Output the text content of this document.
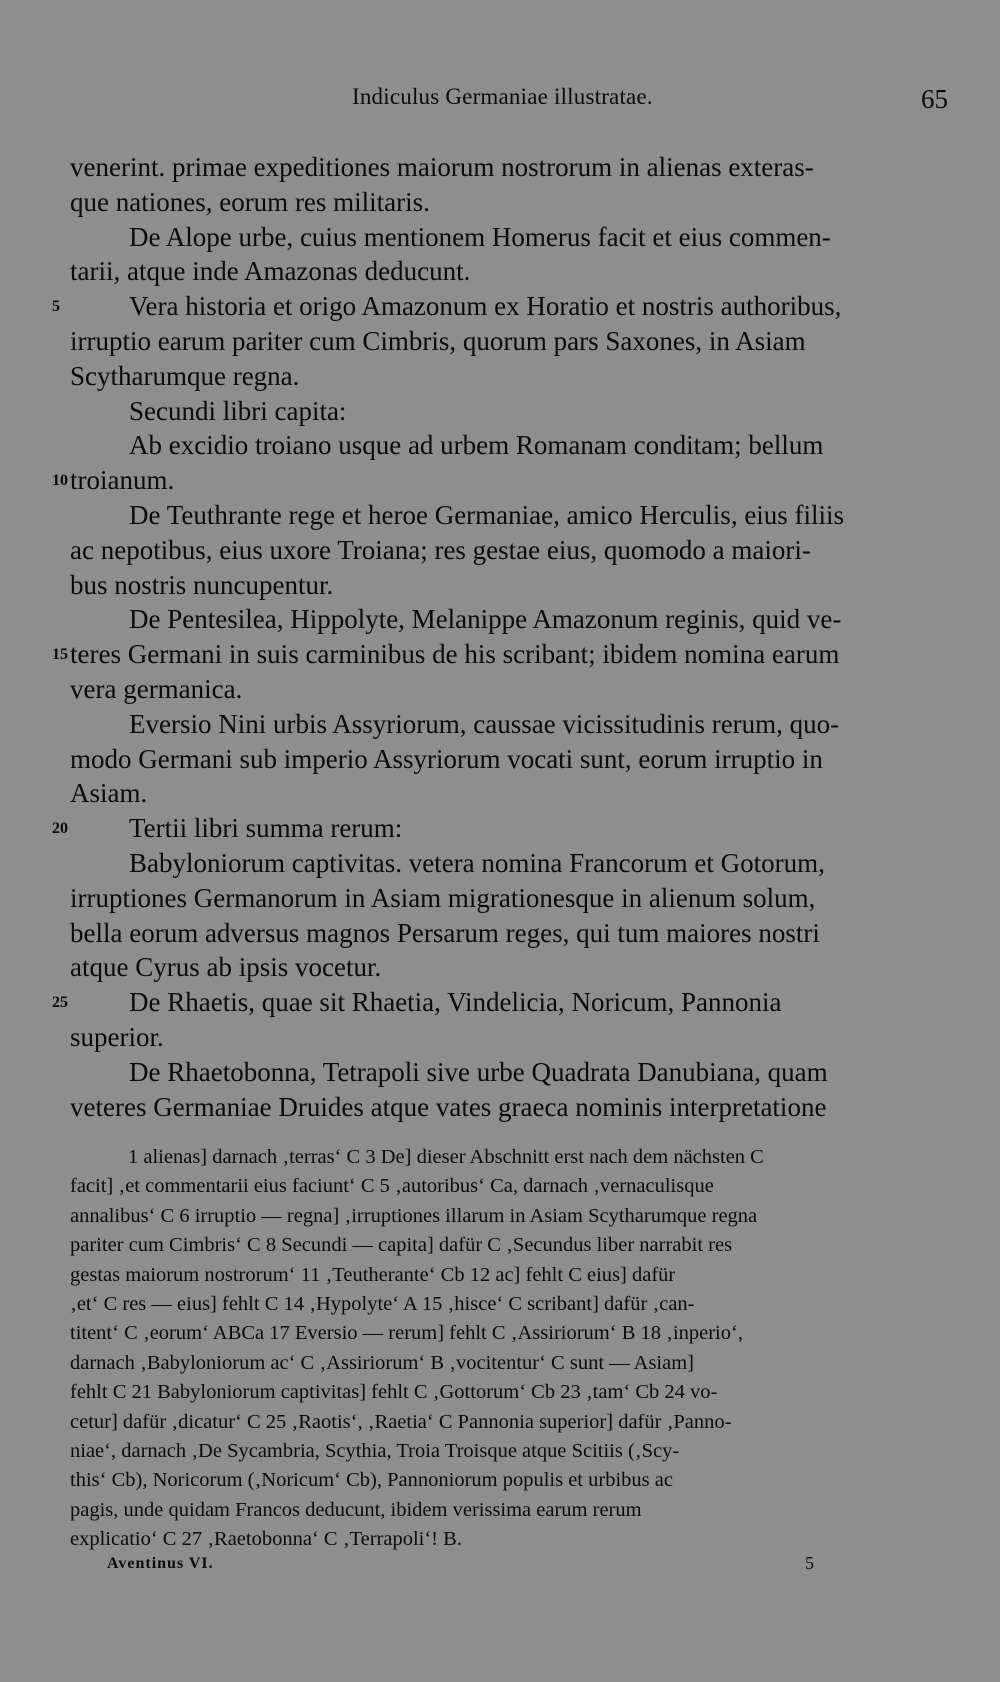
Indiculus Germaniae illustratae.	65
venerint. primae expeditiones maiorum nostrorum in alienas exteras-
que nationes, eorum res militaris.
De Alope urbe, cuius mentionem Homerus facit et eius commen-
tarii, atque inde Amazonas deducunt.
5	Vera historia et origo Amazonum ex Horatio et nostris authoribus,
irruptio earum pariter cum Cimbris, quorum pars Saxones, in Asiam
Scytharumque regna.
Secundi libri capita:
Ab excidio troiano usque ad urbem Romanam conditam; bellum
10 troianum.
De Teuthrante rege et heroe Germaniae, amico Herculis, eius filiis
ac nepotibus, eius uxore Troiana; res gestae eius, quomodo a maiori-
bus nostris nuncupentur.
De Pentesilea, Hippolyte, Melanippe Amazonum reginis, quid ve-
15 teres Germani in suis carminibus de his scribant; ibidem nomina earum
vera germanica.
Eversio Nini urbis Assyriorum, caussae vicissitudinis rerum, quo-
modo Germani sub imperio Assyriorum vocati sunt, eorum irruptio in
Asiam.
20 Tertii libri summa rerum:
Babyloniorum captivitas. vetera nomina Francorum et Gotorum,
irruptiones Germanorum in Asiam migrationesque in alienum solum,
bella eorum adversus magnos Persarum reges, qui tum maiores nostri
atque Cyrus ab ipsis vocetur.
25 De Rhaetis, quae sit Rhaetia, Vindelicia, Noricum, Pannonia
superior.
De Rhaetobonna, Tetrapoli sive urbe Quadrata Danubiana, quam
veteres Germaniae Druides atque vates graeca nominis interpretatione
1 alienas] darnach ‚terras‘ C 3 De] dieser Abschnitt erst nach dem nächsten C
facit] ‚et commentarii eius faciunt‘ C 5 ‚autoribus‘ Ca, darnach ‚vernaculisque
annalibus‘ C 6 irruptio — regna] ‚irruptiones illarum in Asiam Scytharumque regna
pariter cum Cimbris‘ C 8 Secundi — capita] dafür C ‚Secundus liber narrabit res
gestas maiorum nostrorum‘ 11 ‚Teutherante‘ Cb 12 ac] fehlt C eius] dafür
‚et‘ C res — eius] fehlt C 14 ‚Hypolyte‘ A 15 ‚hisce‘ C scribant] dafür ‚can-
titent‘ C ‚eorum‘ ABCa 17 Eversio — rerum] fehlt C ‚Assiriorum‘ B 18 ‚inperio‘,
darnach ‚Babyloniorum ac‘ C ‚Assiriorum‘ B ‚vocitentur‘ C sunt — Asiam]
fehlt C 21 Babyloniorum captivitas] fehlt C ‚Gottorum‘ Cb 23 ‚tam‘ Cb 24 vo-
cetur] dafür ‚dicatur‘ C 25 ‚Raotis‘, ‚Raetia‘ C Pannonia superior] dafür ‚Panno-
niae‘, darnach ‚De Sycambria, Scythia, Troia Troisque atque Scitiis (‚Scy-
this‘ Cb), Noricorum (‚Noricum‘ Cb), Pannoniorum populis et urbibus ac
pagis, unde quidam Francos deducunt, ibidem verissima earum rerum
explicatio‘ C 27 ‚Raetobonna‘ C ‚Terrapoli‘! B.
Aventinus VI.	5
